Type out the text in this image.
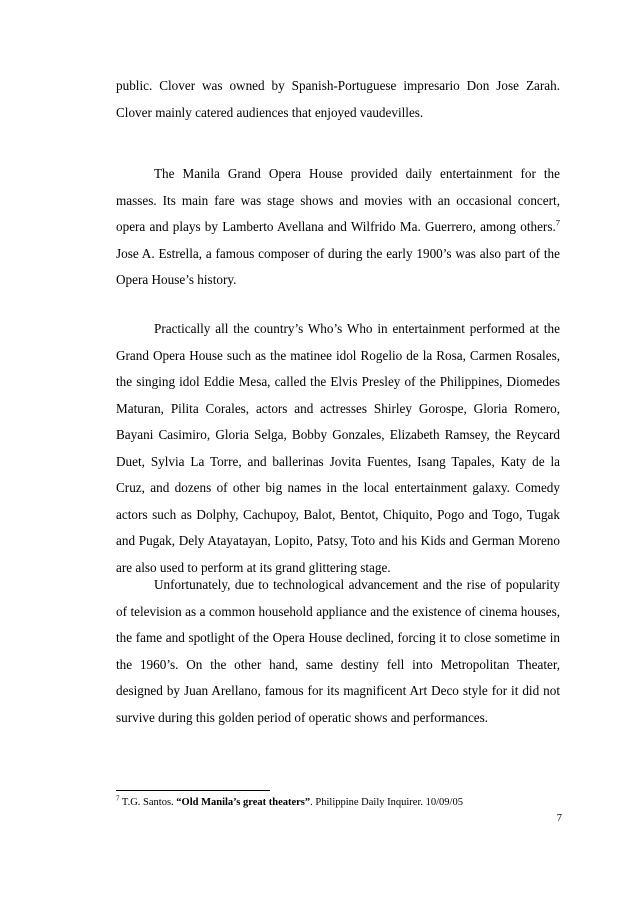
public. Clover was owned by Spanish-Portuguese impresario Don Jose Zarah. Clover mainly catered audiences that enjoyed vaudevilles.

The Manila Grand Opera House provided daily entertainment for the masses. Its main fare was stage shows and movies with an occasional concert, opera and plays by Lamberto Avellana and Wilfrido Ma. Guerrero, among others.$^7$ Jose A. Estrella, a famous composer of during the early 1900’s was also part of the Opera House’s history.

Practically all the country’s Who’s Who in entertainment performed at the Grand Opera House such as the matinee idol Rogelio de la Rosa, Carmen Rosales, the singing idol Eddie Mesa, called the Elvis Presley of the Philippines, Diomedes Maturan, Pilita Corales, actors and actresses Shirley Gorospe, Gloria Romero, Bayani Casimiro, Gloria Selga, Bobby Gonzales, Elizabeth Ramsey, the Reycard Duet, Sylvia La Torre, and ballerinas Jovita Fuentes, Isang Tapales, Katy de la Cruz, and dozens of other big names in the local entertainment galaxy. Comedy actors such as Dolphy, Cachupoy, Balot, Bentot, Chiquito, Pogo and Togo, Tugak and Pugak, Dely Atayatayan, Lopito, Patsy, Toto and his Kids and German Moreno are also used to perform at its grand glittering stage.

Unfortunately, due to technological advancement and the rise of popularity of television as a common household appliance and the existence of cinema houses, the fame and spotlight of the Opera House declined, forcing it to close sometime in the 1960’s. On the other hand, same destiny fell into Metropolitan Theater, designed by Juan Arellano, famous for its magnificent Art Deco style for it did not survive during this golden period of operatic shows and performances.

$^7$ T.G. Santos. “Old Manila’s great theaters”. Philippine Daily Inquirer. 10/09/05

7
